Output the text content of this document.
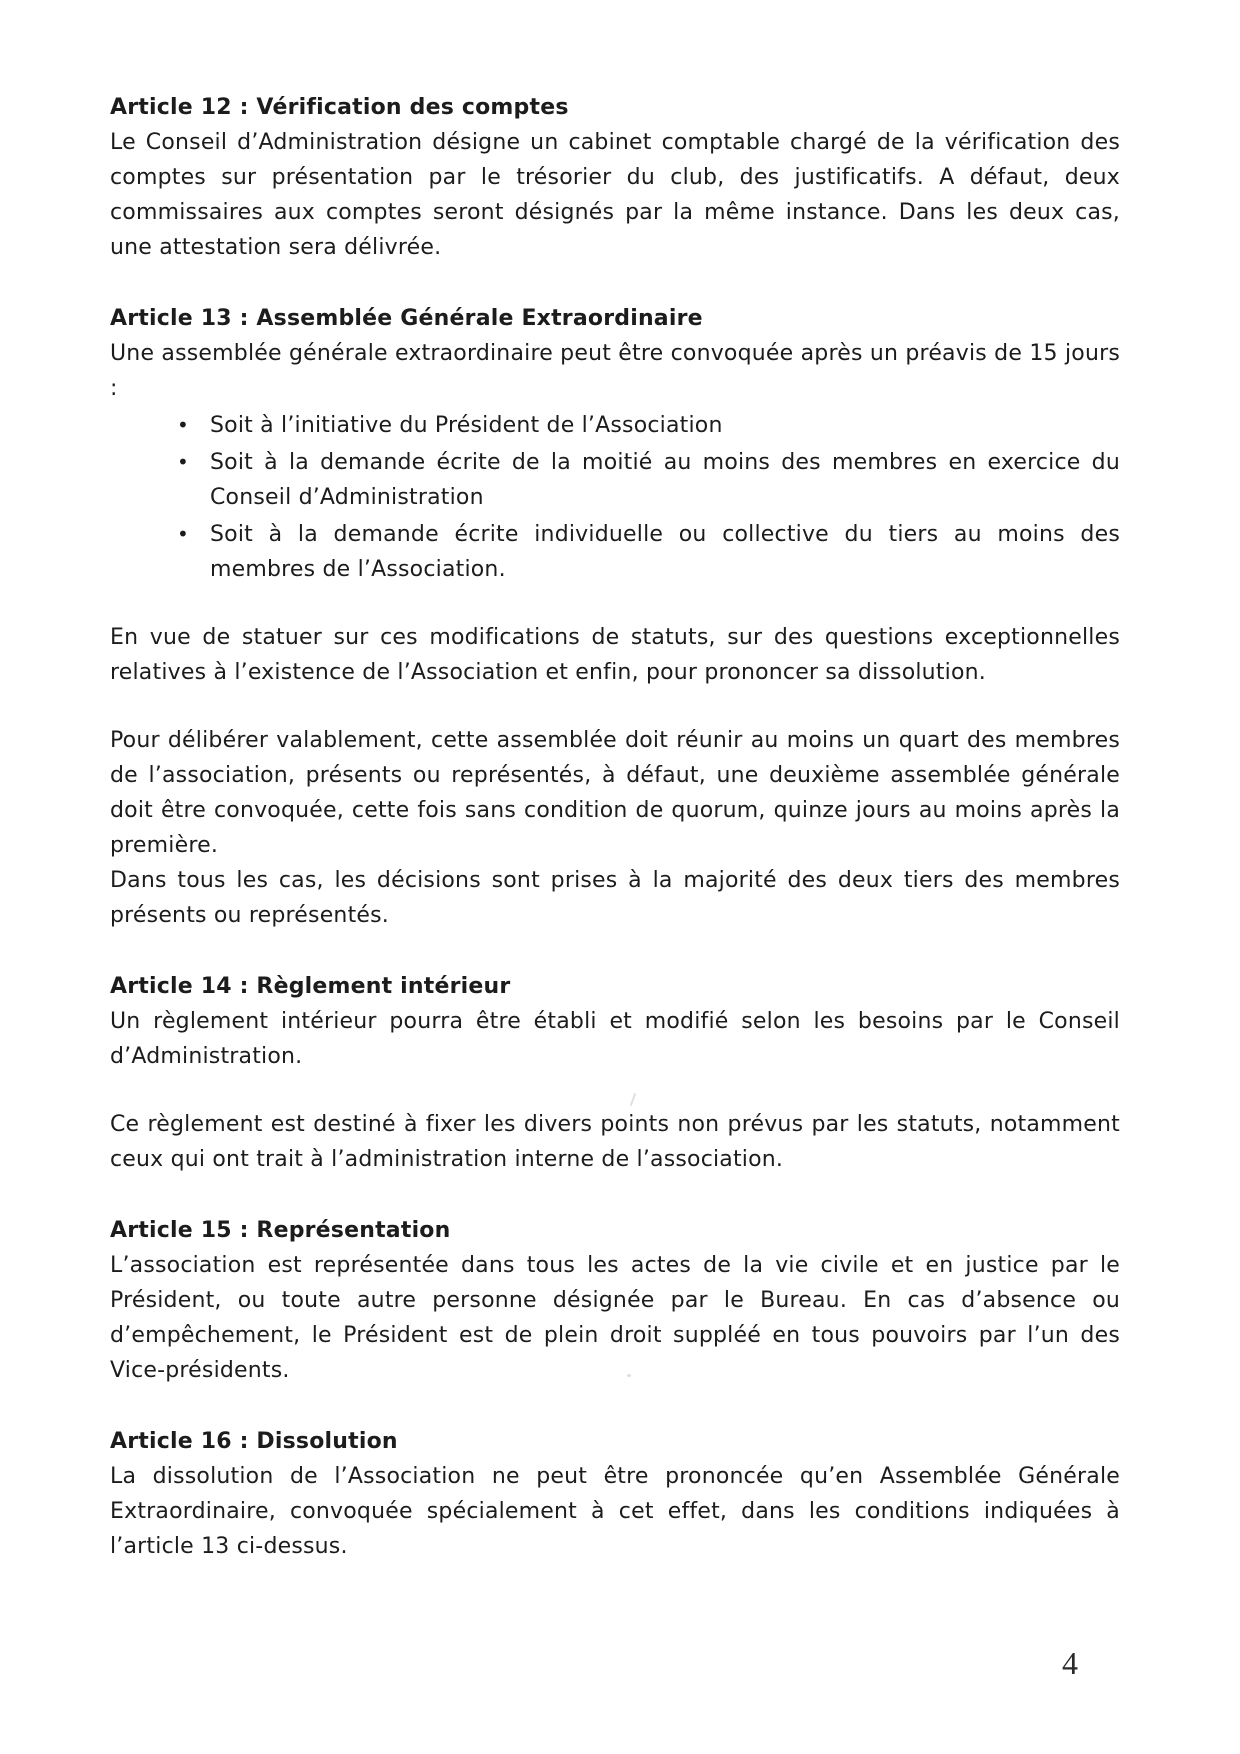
Article 12 : Vérification des comptes

Le Conseil d’Administration désigne un cabinet comptable chargé de la vérification des comptes sur présentation par le trésorier du club, des justificatifs. A défaut, deux commissaires aux comptes seront désignés par la même instance. Dans les deux cas, une attestation sera délivrée.

Article 13 : Assemblée Générale Extraordinaire

Une assemblée générale extraordinaire peut être convoquée après un préavis de 15 jours :

• Soit à l’initiative du Président de l’Association
• Soit à la demande écrite de la moitié au moins des membres en exercice du Conseil d’Administration
• Soit à la demande écrite individuelle ou collective du tiers au moins des membres de l’Association.

En vue de statuer sur ces modifications de statuts, sur des questions exceptionnelles relatives à l’existence de l’Association et enfin, pour prononcer sa dissolution.

Pour délibérer valablement, cette assemblée doit réunir au moins un quart des membres de l’association, présents ou représentés, à défaut, une deuxième assemblée générale doit être convoquée, cette fois sans condition de quorum, quinze jours au moins après la première.

Dans tous les cas, les décisions sont prises à la majorité des deux tiers des membres présents ou représentés.

Article 14 : Règlement intérieur

Un règlement intérieur pourra être établi et modifié selon les besoins par le Conseil d’Administration.

Ce règlement est destiné à fixer les divers points non prévus par les statuts, notamment ceux qui ont trait à l’administration interne de l’association.

Article 15 : Représentation

L’association est représentée dans tous les actes de la vie civile et en justice par le Président, ou toute autre personne désignée par le Bureau. En cas d’absence ou d’empêchement, le Président est de plein droit suppléé en tous pouvoirs par l’un des Vice-présidents.

Article 16 : Dissolution

La dissolution de l’Association ne peut être prononcée qu’en Assemblée Générale Extraordinaire, convoquée spécialement à cet effet, dans les conditions indiquées à l’article 13 ci-dessus.

4
